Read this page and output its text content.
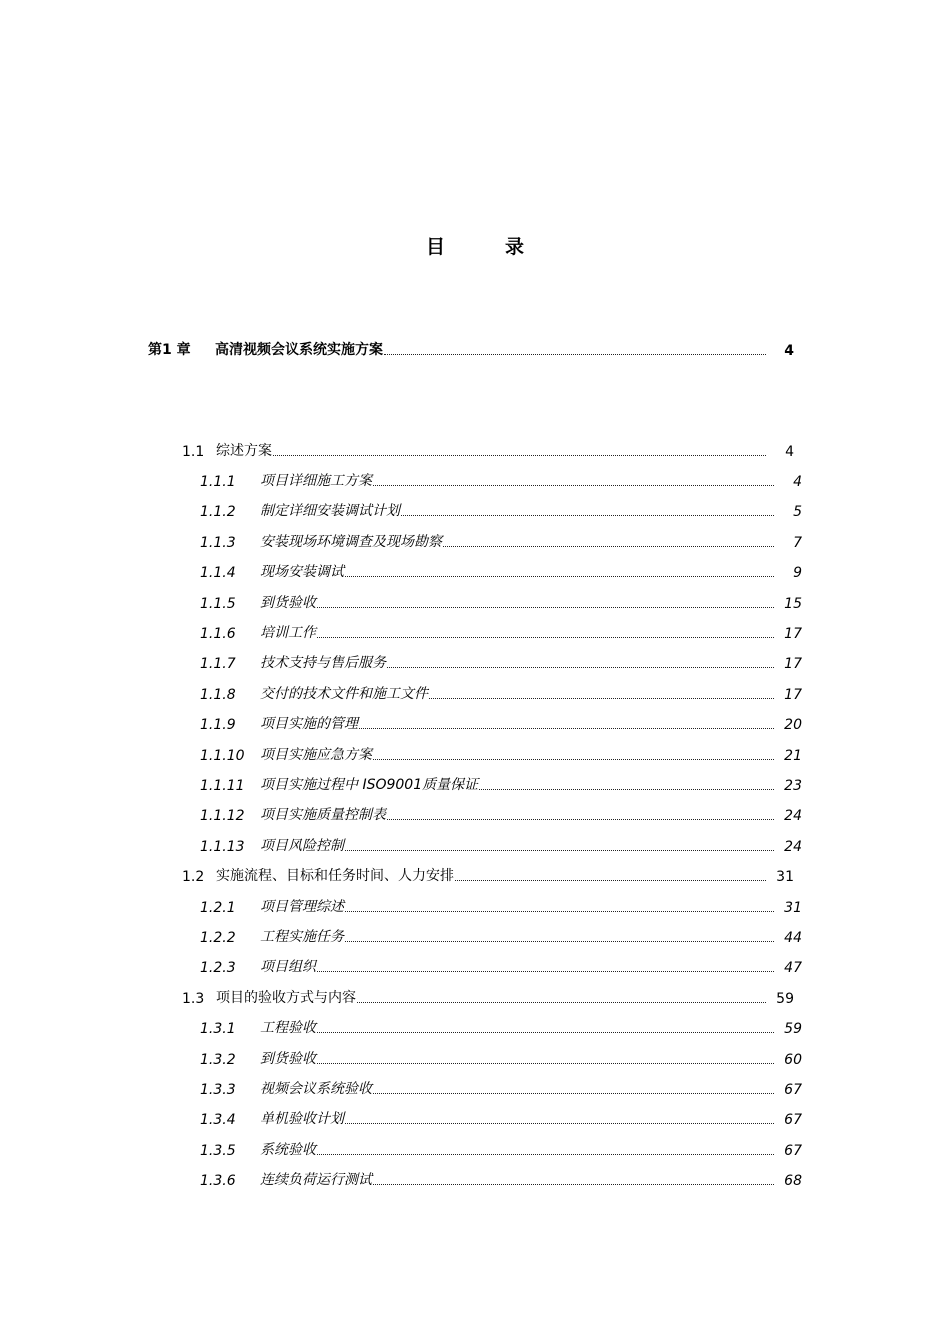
目	录
第1 章	高清视频会议系统实施方案	4
1.1 综述方案	4
1.1.1	项目详细施工方案	4
1.1.2	制定详细安装调试计划	5
1.1.3	安装现场环境调查及现场勘察	7
1.1.4	现场安装调试	9
1.1.5	到货验收	15
1.1.6	培训工作	17
1.1.7	技术支持与售后服务	17
1.1.8	交付的技术文件和施工文件	17
1.1.9	项目实施的管理	20
1.1.10	项目实施应急方案	21
1.1.11	项目实施过程中 ISO9001质量保证	23
1.1.12	项目实施质量控制表	24
1.1.13	项目风险控制	24
1.2 实施流程、目标和任务时间、人力安排	31
1.2.1	项目管理综述	31
1.2.2	工程实施任务	44
1.2.3	项目组织	47
1.3 项目的验收方式与内容	59
1.3.1	工程验收	59
1.3.2	到货验收	60
1.3.3	视频会议系统验收	67
1.3.4	单机验收计划	67
1.3.5	系统验收	67
1.3.6	连续负荷运行测试	68
